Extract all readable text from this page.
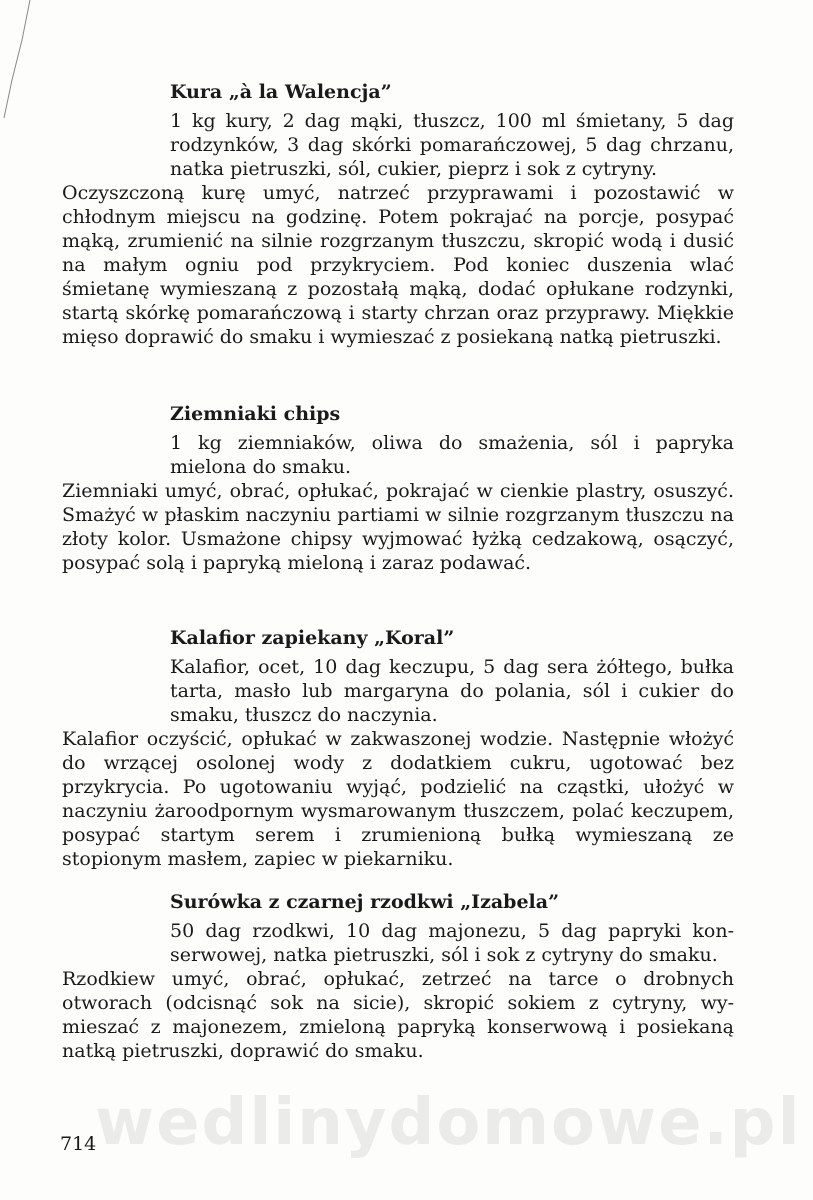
wedlinydomowe.pl

Kura „à la Walencja”

1 kg kury, 2 dag mąki, tłuszcz, 100 ml śmietany, 5 dag rodzynków, 3 dag skórki pomarańczowej, 5 dag chrzanu, natka pietruszki, sól, cukier, pieprz i sok z cytryny.

Oczyszczoną kurę umyć, natrzeć przyprawami i pozostawić w chłodnym miejscu na godzinę. Potem pokrajać na porcje, posypać mąką, zrumienić na silnie rozgrzanym tłuszczu, skropić wodą i dusić na małym ogniu pod przykryciem. Pod koniec duszenia wlać śmietanę wymieszaną z pozostałą mąką, dodać opłukane rodzynki, startą skórkę pomarańczową i starty chrzan oraz przyprawy. Miękkie mięso doprawić do smaku i wymieszać z posiekaną natką pietruszki.

Ziemniaki chips

1 kg ziemniaków, oliwa do smażenia, sól i papryka mielona do smaku.

Ziemniaki umyć, obrać, opłukać, pokrajać w cienkie plastry, osuszyć. Smażyć w płaskim naczyniu partiami w silnie rozgrzanym tłuszczu na złoty kolor. Usmażone chipsy wyjmować łyżką cedzakową, osączyć, posypać solą i papryką mieloną i zaraz podawać.

Kalafior zapiekany „Koral”

Kalafior, ocet, 10 dag keczupu, 5 dag sera żółtego, bułka tarta, masło lub margaryna do polania, sól i cukier do smaku, tłuszcz do naczynia.

Kalafior oczyścić, opłukać w zakwaszonej wodzie. Następnie włożyć do wrzącej osolonej wody z dodatkiem cukru, ugotować bez przykrycia. Po ugotowaniu wyjąć, podzielić na cząstki, ułożyć w naczyniu żaroodpornym wysmarowanym tłuszczem, polać keczupem, posypać startym serem i zrumienioną bułką wymieszaną ze stopionym masłem, zapiec w piekarniku.

Surówka z czarnej rzodkwi „Izabela”

50 dag rzodkwi, 10 dag majonezu, 5 dag papryki konserwowej, natka pietruszki, sól i sok z cytryny do smaku.

Rzodkiew umyć, obrać, opłukać, zetrzeć na tarce o drobnych otworach (odcisnąć sok na sicie), skropić sokiem z cytryny, wymieszać z majonezem, zmieloną papryką konserwową i posiekaną natką pietruszki, doprawić do smaku.

714
